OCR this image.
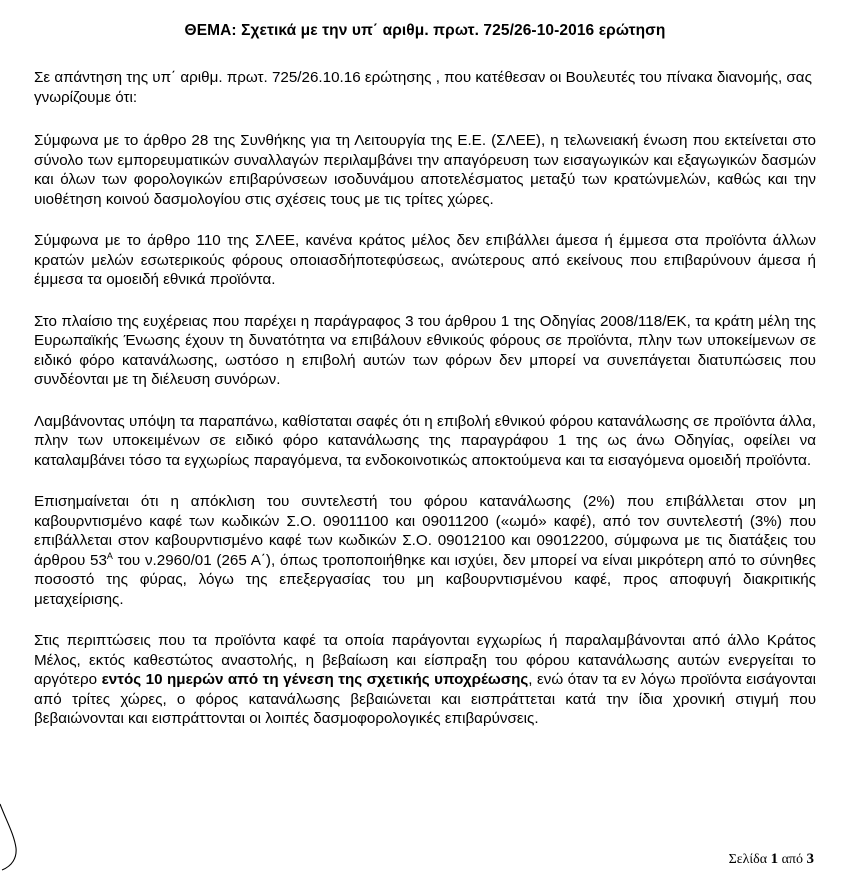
ΘΕΜΑ: Σχετικά με την υπ΄ αριθμ. πρωτ. 725/26-10-2016 ερώτηση

Σε απάντηση της υπ΄ αριθμ. πρωτ. 725/26.10.16 ερώτησης , που κατέθεσαν οι Βουλευτές του πίνακα διανομής, σας γνωρίζουμε ότι:

Σύμφωνα με το άρθρο 28 της Συνθήκης για τη Λειτουργία της Ε.Ε. (ΣΛΕΕ), η τελωνειακή ένωση που εκτείνεται στο σύνολο των εμπορευματικών συναλλαγών περιλαμβάνει την απαγόρευση των εισαγωγικών και εξαγωγικών δασμών και όλων των φορολογικών επιβαρύνσεων ισοδυνάμου αποτελέσματος μεταξύ των κρατώνμελών, καθώς και την υιοθέτηση κοινού δασμολογίου στις σχέσεις τους με τις τρίτες χώρες.

Σύμφωνα με το άρθρο 110 της ΣΛΕΕ, κανένα κράτος μέλος δεν επιβάλλει άμεσα ή έμμεσα στα προϊόντα άλλων κρατών μελών εσωτερικούς φόρους οποιασδήποτεφύσεως, ανώτερους από εκείνους που επιβαρύνουν άμεσα ή έμμεσα τα ομοειδή εθνικά προϊόντα.

Στο πλαίσιο της ευχέρειας που παρέχει η παράγραφος 3 του άρθρου 1 της Οδηγίας 2008/118/ΕΚ, τα κράτη μέλη της Ευρωπαϊκής Ένωσης έχουν τη δυνατότητα να επιβάλουν εθνικούς φόρους σε προϊόντα, πλην των υποκείμενων σε ειδικό φόρο κατανάλωσης, ωστόσο η επιβολή αυτών των φόρων δεν μπορεί να συνεπάγεται διατυπώσεις που συνδέονται με τη διέλευση συνόρων.

Λαμβάνοντας υπόψη τα παραπάνω, καθίσταται σαφές ότι η επιβολή εθνικού φόρου κατανάλωσης σε προϊόντα άλλα, πλην των υποκειμένων σε ειδικό φόρο κατανάλωσης της παραγράφου 1 της ως άνω Οδηγίας, οφείλει να καταλαμβάνει τόσο τα εγχωρίως παραγόμενα, τα ενδοκοινοτικώς αποκτούμενα και τα εισαγόμενα ομοειδή προϊόντα.

Επισημαίνεται ότι η απόκλιση του συντελεστή του φόρου κατανάλωσης (2%) που επιβάλλεται στον μη καβουρντισμένο καφέ των κωδικών Σ.Ο. 09011100 και 09011200 («ωμό» καφέ), από τον συντελεστή (3%) που επιβάλλεται στον καβουρντισμένο καφέ των κωδικών Σ.Ο. 09012100 και 09012200, σύμφωνα με τις διατάξεις του άρθρου $53^A$ του ν.2960/01 (265 Α΄), όπως τροποποιήθηκε και ισχύει, δεν μπορεί να είναι μικρότερη από το σύνηθες ποσοστό της φύρας, λόγω της επεξεργασίας του μη καβουρντισμένου καφέ, προς αποφυγή διακριτικής μεταχείρισης.

Στις περιπτώσεις που τα προϊόντα καφέ τα οποία παράγονται εγχωρίως ή παραλαμβάνονται από άλλο Κράτος Μέλος, εκτός καθεστώτος αναστολής, η βεβαίωση και είσπραξη του φόρου κατανάλωσης αυτών ενεργείται το αργότερο εντός 10 ημερών από τη γένεση της σχετικής υποχρέωσης, ενώ όταν τα εν λόγω προϊόντα εισάγονται από τρίτες χώρες, ο φόρος κατανάλωσης βεβαιώνεται και εισπράττεται κατά την ίδια χρονική στιγμή που βεβαιώνονται και εισπράττονται οι λοιπές δασμοφορολογικές επιβαρύνσεις.

Σελίδα 1 από 3
